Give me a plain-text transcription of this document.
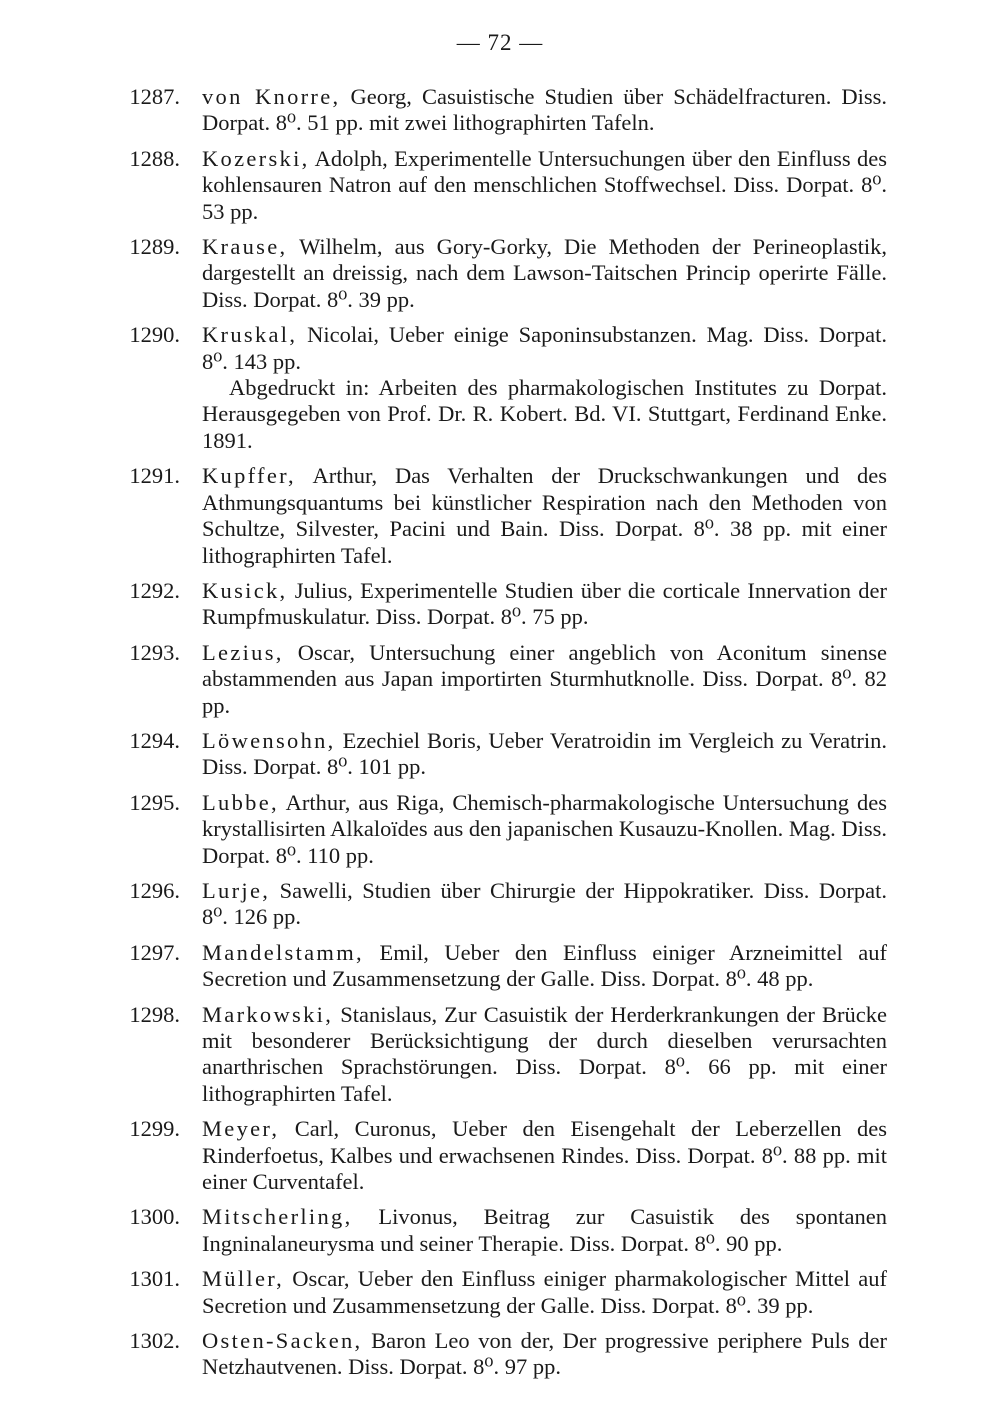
— 72 —
1287. von Knorre, Georg, Casuistische Studien über Schädelfracturen. Diss. Dorpat. 8⁰. 51 pp. mit zwei lithographirten Tafeln.
1288. Kozerski, Adolph, Experimentelle Untersuchungen über den Einfluss des kohlensauren Natron auf den menschlichen Stoffwechsel. Diss. Dorpat. 8⁰. 53 pp.
1289. Krause, Wilhelm, aus Gory-Gorky, Die Methoden der Perineoplastik, dargestellt an dreissig, nach dem Lawson-Taitschen Princip operirte Fälle. Diss. Dorpat. 8⁰. 39 pp.
1290. Kruskal, Nicolai, Ueber einige Saponinsubstanzen. Mag. Diss. Dorpat. 8⁰. 143 pp.
Abgedruckt in: Arbeiten des pharmakologischen Institutes zu Dorpat. Herausgegeben von Prof. Dr. R. Kobert. Bd. VI. Stuttgart, Ferdinand Enke. 1891.
1291. Kupffer, Arthur, Das Verhalten der Druckschwankungen und des Athmungsquantums bei künstlicher Respiration nach den Methoden von Schultze, Silvester, Pacini und Bain. Diss. Dorpat. 8⁰. 38 pp. mit einer lithographirten Tafel.
1292. Kusick, Julius, Experimentelle Studien über die corticale Innervation der Rumpfmuskulatur. Diss. Dorpat. 8⁰. 75 pp.
1293. Lezius, Oscar, Untersuchung einer angeblich von Aconitum sinense abstammenden aus Japan importirten Sturmhutknolle. Diss. Dorpat. 8⁰. 82 pp.
1294. Löwensohn, Ezechiel Boris, Ueber Veratroidin im Vergleich zu Veratrin. Diss. Dorpat. 8⁰. 101 pp.
1295. Lubbe, Arthur, aus Riga, Chemisch-pharmakologische Untersuchung des krystallisirten Alkaloïdes aus den japanischen Kusauzu-Knollen. Mag. Diss. Dorpat. 8⁰. 110 pp.
1296. Lurje, Sawelli, Studien über Chirurgie der Hippokratiker. Diss. Dorpat. 8⁰. 126 pp.
1297. Mandelstamm, Emil, Ueber den Einfluss einiger Arzneimittel auf Secretion und Zusammensetzung der Galle. Diss. Dorpat. 8⁰. 48 pp.
1298. Markowski, Stanislaus, Zur Casuistik der Herderkrankungen der Brücke mit besonderer Berücksichtigung der durch dieselben verursachten anarthrischen Sprachstörungen. Diss. Dorpat. 8⁰. 66 pp. mit einer lithographirten Tafel.
1299. Meyer, Carl, Curonus, Ueber den Eisengehalt der Leberzellen des Rinderfoetus, Kalbes und erwachsenen Rindes. Diss. Dorpat. 8⁰. 88 pp. mit einer Curventafel.
1300. Mitscherling, Livonus, Beitrag zur Casuistik des spontanen Ingninalaneurysma und seiner Therapie. Diss. Dorpat. 8⁰. 90 pp.
1301. Müller, Oscar, Ueber den Einfluss einiger pharmakologischer Mittel auf Secretion und Zusammensetzung der Galle. Diss. Dorpat. 8⁰. 39 pp.
1302. Osten-Sacken, Baron Leo von der, Der progressive periphere Puls der Netzhautvenen. Diss. Dorpat. 8⁰. 97 pp.
